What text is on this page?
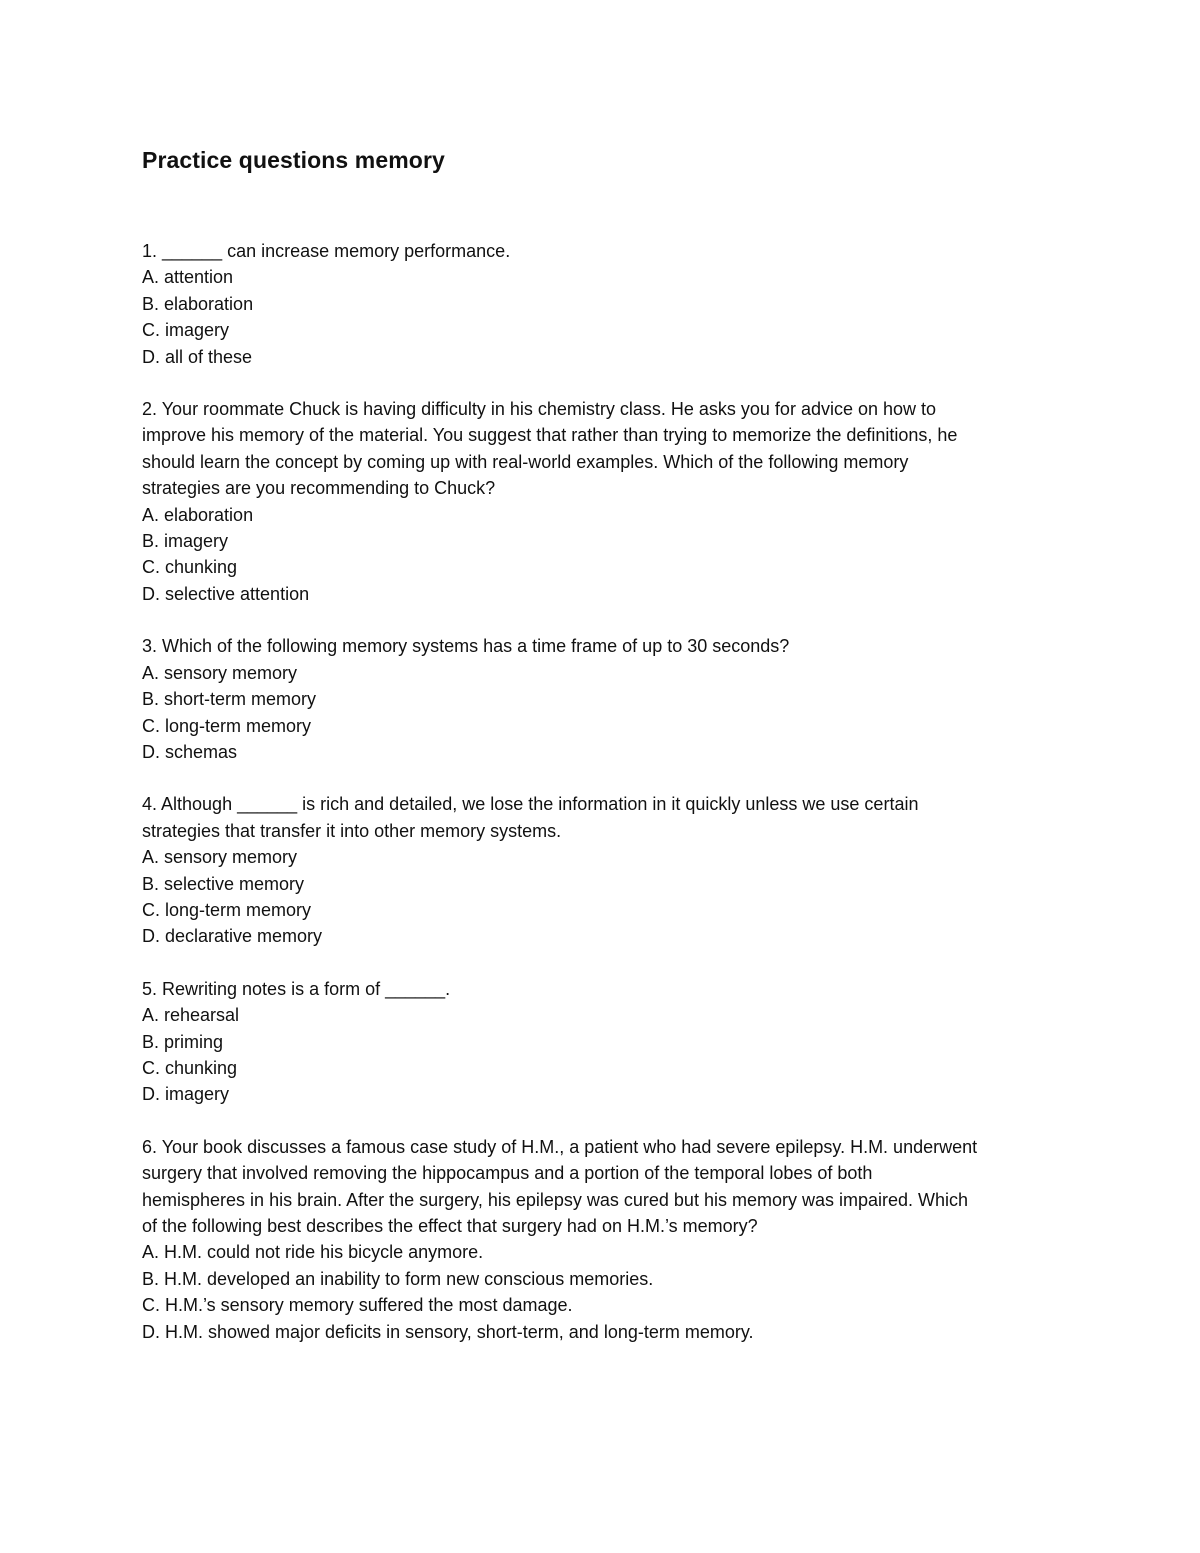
Practice questions memory

1. ______ can increase memory performance.

A. attention

B. elaboration

C. imagery

D. all of these

2. Your roommate Chuck is having difficulty in his chemistry class. He asks you for advice on how to

improve his memory of the material. You suggest that rather than trying to memorize the definitions, he

should learn the concept by coming up with real-world examples. Which of the following memory

strategies are you recommending to Chuck?

A. elaboration

B. imagery

C. chunking

D. selective attention

3. Which of the following memory systems has a time frame of up to 30 seconds?

A. sensory memory

B. short-term memory

C. long-term memory

D. schemas

4. Although ______ is rich and detailed, we lose the information in it quickly unless we use certain

strategies that transfer it into other memory systems.

A. sensory memory

B. selective memory

C. long-term memory

D. declarative memory

5. Rewriting notes is a form of ______.

A. rehearsal

B. priming

C. chunking

D. imagery

6. Your book discusses a famous case study of H.M., a patient who had severe epilepsy. H.M. underwent

surgery that involved removing the hippocampus and a portion of the temporal lobes of both

hemispheres in his brain. After the surgery, his epilepsy was cured but his memory was impaired. Which

of the following best describes the effect that surgery had on H.M.’s memory?

A. H.M. could not ride his bicycle anymore.

B. H.M. developed an inability to form new conscious memories.

C. H.M.’s sensory memory suffered the most damage.

D. H.M. showed major deficits in sensory, short-term, and long-term memory.
